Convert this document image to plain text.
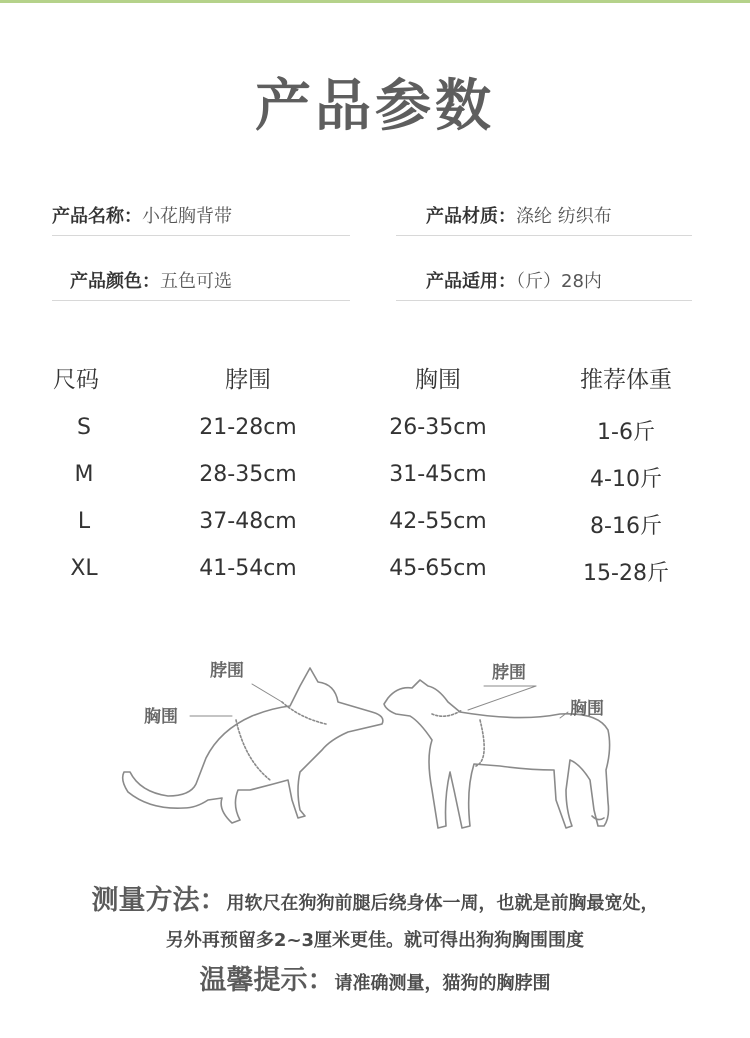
产品参数
产品名称：小花胸背带	产品材质：涤纶 纺织布
产品颜色：五色可选	产品适用：（斤）28内
尺码	脖围	胸围	推荐体重
S	21-28cm	26-35cm	1-6斤
M	28-35cm	31-45cm	4-10斤
L	37-48cm	42-55cm	8-16斤
XL	41-54cm	45-65cm	15-28斤
脖围
胸围
脖围
胸围
测量方法：用软尺在狗狗前腿后绕身体一周，也就是前胸最宽处，
另外再预留多2~3厘米更佳。就可得出狗狗胸围围度
温馨提示：请准确测量，猫狗的胸脖围
